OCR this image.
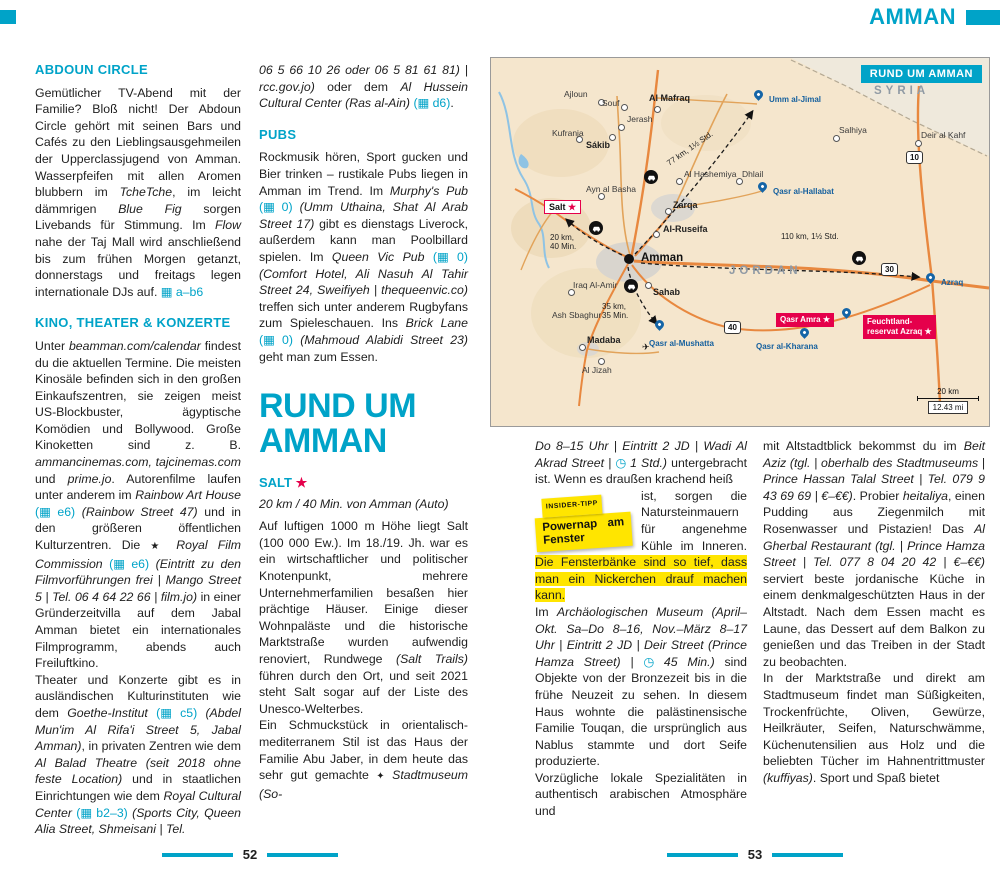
AMMAN
ABDOUN CIRCLE

Gemütlicher TV-Abend mit der Familie? Bloß nicht! Der Abdoun Circle gehört mit seinen Bars und Cafés zu den Lieblingsausgehmeilen der Upperclassjugend von Amman. Wasserpfeifen mit allen Aromen blubbern im TcheTche, im leicht dämmrigen Blue Fig sorgen Livebands für Stimmung. Im Flow nahe der Taj Mall wird anschließend bis zum frühen Morgen getanzt, donnerstags und freitags legen internationale DJs auf. ▦ a–b6

KINO, THEATER & KONZERTE

Unter beamman.com/calendar findest du die aktuellen Termine. Die meisten Kinosäle befinden sich in den großen Einkaufszentren, sie zeigen meist US-Blockbuster, ägyptische Komödien und Bollywood. Große Kinoketten sind z. B. ammancinemas.com, tajcinemas.com und prime.jo. Autorenfilme laufen unter anderem im Rainbow Art House (▦ e6) (Rainbow Street 47) und in den größeren öffentlichen Kulturzentren. Die ★ Royal Film Commission (▦ e6) (Eintritt zu den Filmvorführungen frei | Mango Street 5 | Tel. 06 4 64 22 66 | film.jo) in einer Gründerzeitvilla auf dem Jabal Amman bietet ein internationales Filmprogramm, abends auch Freiluftkino.

Theater und Konzerte gibt es in ausländischen Kulturinstituten wie dem Goethe-Institut (▦ c5) (Abdel Mun'im Al Rifa'i Street 5, Jabal Amman), in privaten Zentren wie dem Al Balad Theatre (seit 2018 ohne feste Location) und in staatlichen Einrichtungen wie dem Royal Cultural Center (▦ b2–3) (Sports City, Queen Alia Street, Shmeisani | Tel.

06 5 66 10 26 oder 06 5 81 61 81) | rcc.gov.jo) oder dem Al Hussein Cultural Center (Ras al-Ain) (▦ d6).

PUBS

Rockmusik hören, Sport gucken und Bier trinken – rustikale Pubs liegen in Amman im Trend. Im Murphy's Pub (▦ 0) (Umm Uthaina, Shat Al Arab Street 17) gibt es dienstags Liverock, außerdem kann man Poolbillard spielen. Im Queen Vic Pub (▦ 0) (Comfort Hotel, Ali Nasuh Al Tahir Street 24, Sweifiyeh | thequeenvic.co) treffen sich unter anderem Rugbyfans zum Spieleschauen. Ins Brick Lane (▦ 0) (Mahmoud Alabidi Street 23) geht man zum Essen.

RUND UM
AMMAN
SALT ★

20 km / 40 Min. von Amman (Auto)

Auf luftigen 1000 m Höhe liegt Salt (100 000 Ew.). Im 18./19. Jh. war es ein wirtschaftlicher und politischer Knotenpunkt, mehrere Unternehmerfamilien besaßen hier prächtige Häuser. Einige dieser Wohnpaläste und die historische Marktstraße wurden aufwendig renoviert, Rundwege (Salt Trails) führen durch den Ort, und seit 2021 steht Salt sogar auf der Liste des Unesco-Welterbes.

Ein Schmuckstück in orientalisch-mediterranem Stil ist das Haus der Familie Abu Jaber, in dem heute das sehr gut gemachte ✦ Stadtmuseum (So-

SYRIA
JORDAN
Ajloun
Souf	Al Mafraq
Jerash
Sákib
Kufranja	Salhiya	Deir al Kahf
Al Hashemiya Dhlail
Ayn al Basha
Zarqa
Al-Ruseifa
Sahab
Iraq Al-Amir
Ash Sbaghur
Madaba
Al Jizah
Amman
Umm al-Jimal
Qasr al-Hallabat
Azraq
Qasr al-Mushatta	Qasr al-Kharana
Qasr Amra ★	Feuchtland-
reservat Azraq ★
Salt ★
77 km, 1½ Std.
110 km, 1½ Std.
20 km,
40 Min.
35 km,
35 Min.
10
30
40
✈
RUND UM AMMAN
20 km
12.43 mi

Do 8–15 Uhr | Eintritt 2 JD | Wadi Al Akrad Street | ◷ 1 Std.) untergebracht ist. Wenn es draußen krachend heiß

INSIDER-TIPP
Powernap am Fenster
ist, sorgen die Natursteinmauern für angenehme Kühle im Inneren. Die Fensterbänke sind so tief, dass man ein Nickerchen drauf machen kann.

Im Archäologischen Museum (April–Okt. Sa–Do 8–16, Nov.–März 8–17 Uhr | Eintritt 2 JD | Deir Street (Prince Hamza Street) | ◷ 45 Min.) sind Objekte von der Bronzezeit bis in die frühe Neuzeit zu sehen. In diesem Haus wohnte die palästinensische Familie Touqan, die ursprünglich aus Nablus stammte und dort Seife produzierte.

Vorzügliche lokale Spezialitäten in authentisch arabischen Atmosphäre und

mit Altstadtblick bekommst du im Beit Aziz (tgl. | oberhalb des Stadtmuseums | Prince Hassan Talal Street | Tel. 079 9 43 69 69 | €–€€). Probier heitaliya, einen Pudding aus Ziegenmilch mit Rosenwasser und Pistazien! Das Al Gherbal Restaurant (tgl. | Prince Hamza Street | Tel. 077 8 04 20 42 | €–€€) serviert beste jordanische Küche in einem denkmalgeschützten Haus in der Altstadt. Nach dem Essen macht es Laune, das Dessert auf dem Balkon zu genießen und das Treiben in der Stadt zu beobachten.

In der Marktstraße und direkt am Stadtmuseum findet man Süßigkeiten, Trockenfrüchte, Oliven, Gewürze, Heilkräuter, Seifen, Naturschwämme, Küchenutensilien aus Holz und die beliebten Tücher im Hahnentrittmuster (kuffiyas). Sport und Spaß bietet

52	53
